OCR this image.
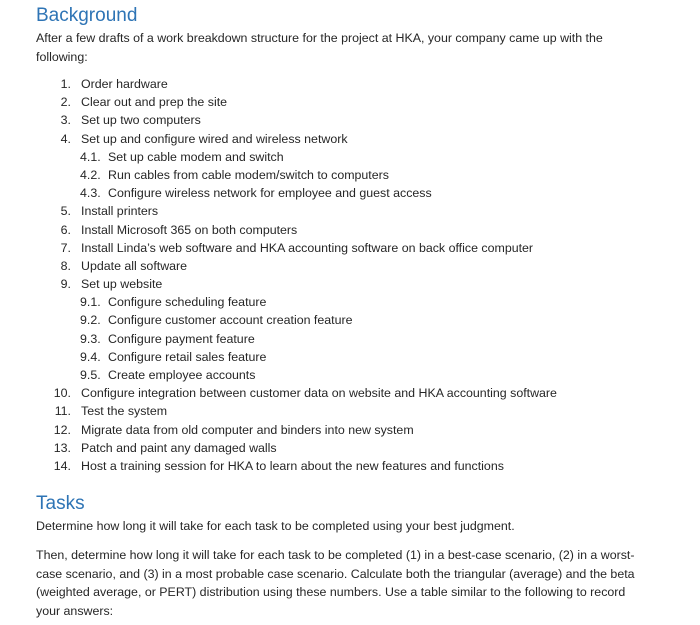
Background

After a few drafts of a work breakdown structure for the project at HKA, your company came up with the following:

1. Order hardware
2. Clear out and prep the site
3. Set up two computers
4. Set up and configure wired and wireless network
4.1. Set up cable modem and switch
4.2. Run cables from cable modem/switch to computers
4.3. Configure wireless network for employee and guest access
5. Install printers
6. Install Microsoft 365 on both computers
7. Install Linda’s web software and HKA accounting software on back office computer
8. Update all software
9. Set up website
9.1. Configure scheduling feature
9.2. Configure customer account creation feature
9.3. Configure payment feature
9.4. Configure retail sales feature
9.5. Create employee accounts
10. Configure integration between customer data on website and HKA accounting software
11. Test the system
12. Migrate data from old computer and binders into new system
13. Patch and paint any damaged walls
14. Host a training session for HKA to learn about the new features and functions
Tasks

Determine how long it will take for each task to be completed using your best judgment.

Then, determine how long it will take for each task to be completed (1) in a best-case scenario, (2) in a worst-case scenario, and (3) in a most probable case scenario. Calculate both the triangular (average) and the beta (weighted average, or PERT) distribution using these numbers. Use a table similar to the following to record your answers:
